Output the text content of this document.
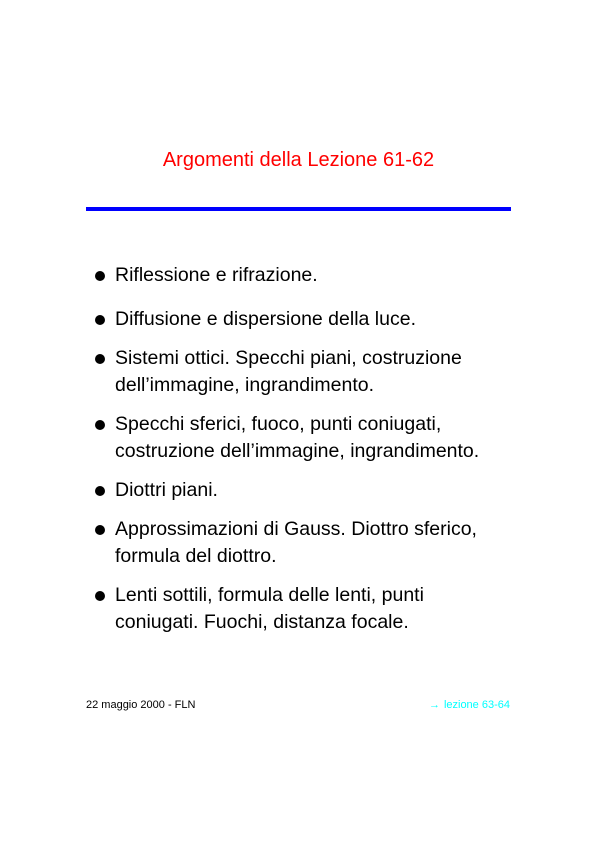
Argomenti della Lezione 61-62
Riflessione e rifrazione.
Diffusione e dispersione della luce.
Sistemi ottici. Specchi piani, costruzione
dell’immagine, ingrandimento.
Specchi sferici, fuoco, punti coniugati,
costruzione dell’immagine, ingrandimento.
Diottri piani.
Approssimazioni di Gauss. Diottro sferico,
formula del diottro.
Lenti sottili, formula delle lenti, punti
coniugati. Fuochi, distanza focale.
22 maggio 2000 - FLN	→ lezione 63-64
